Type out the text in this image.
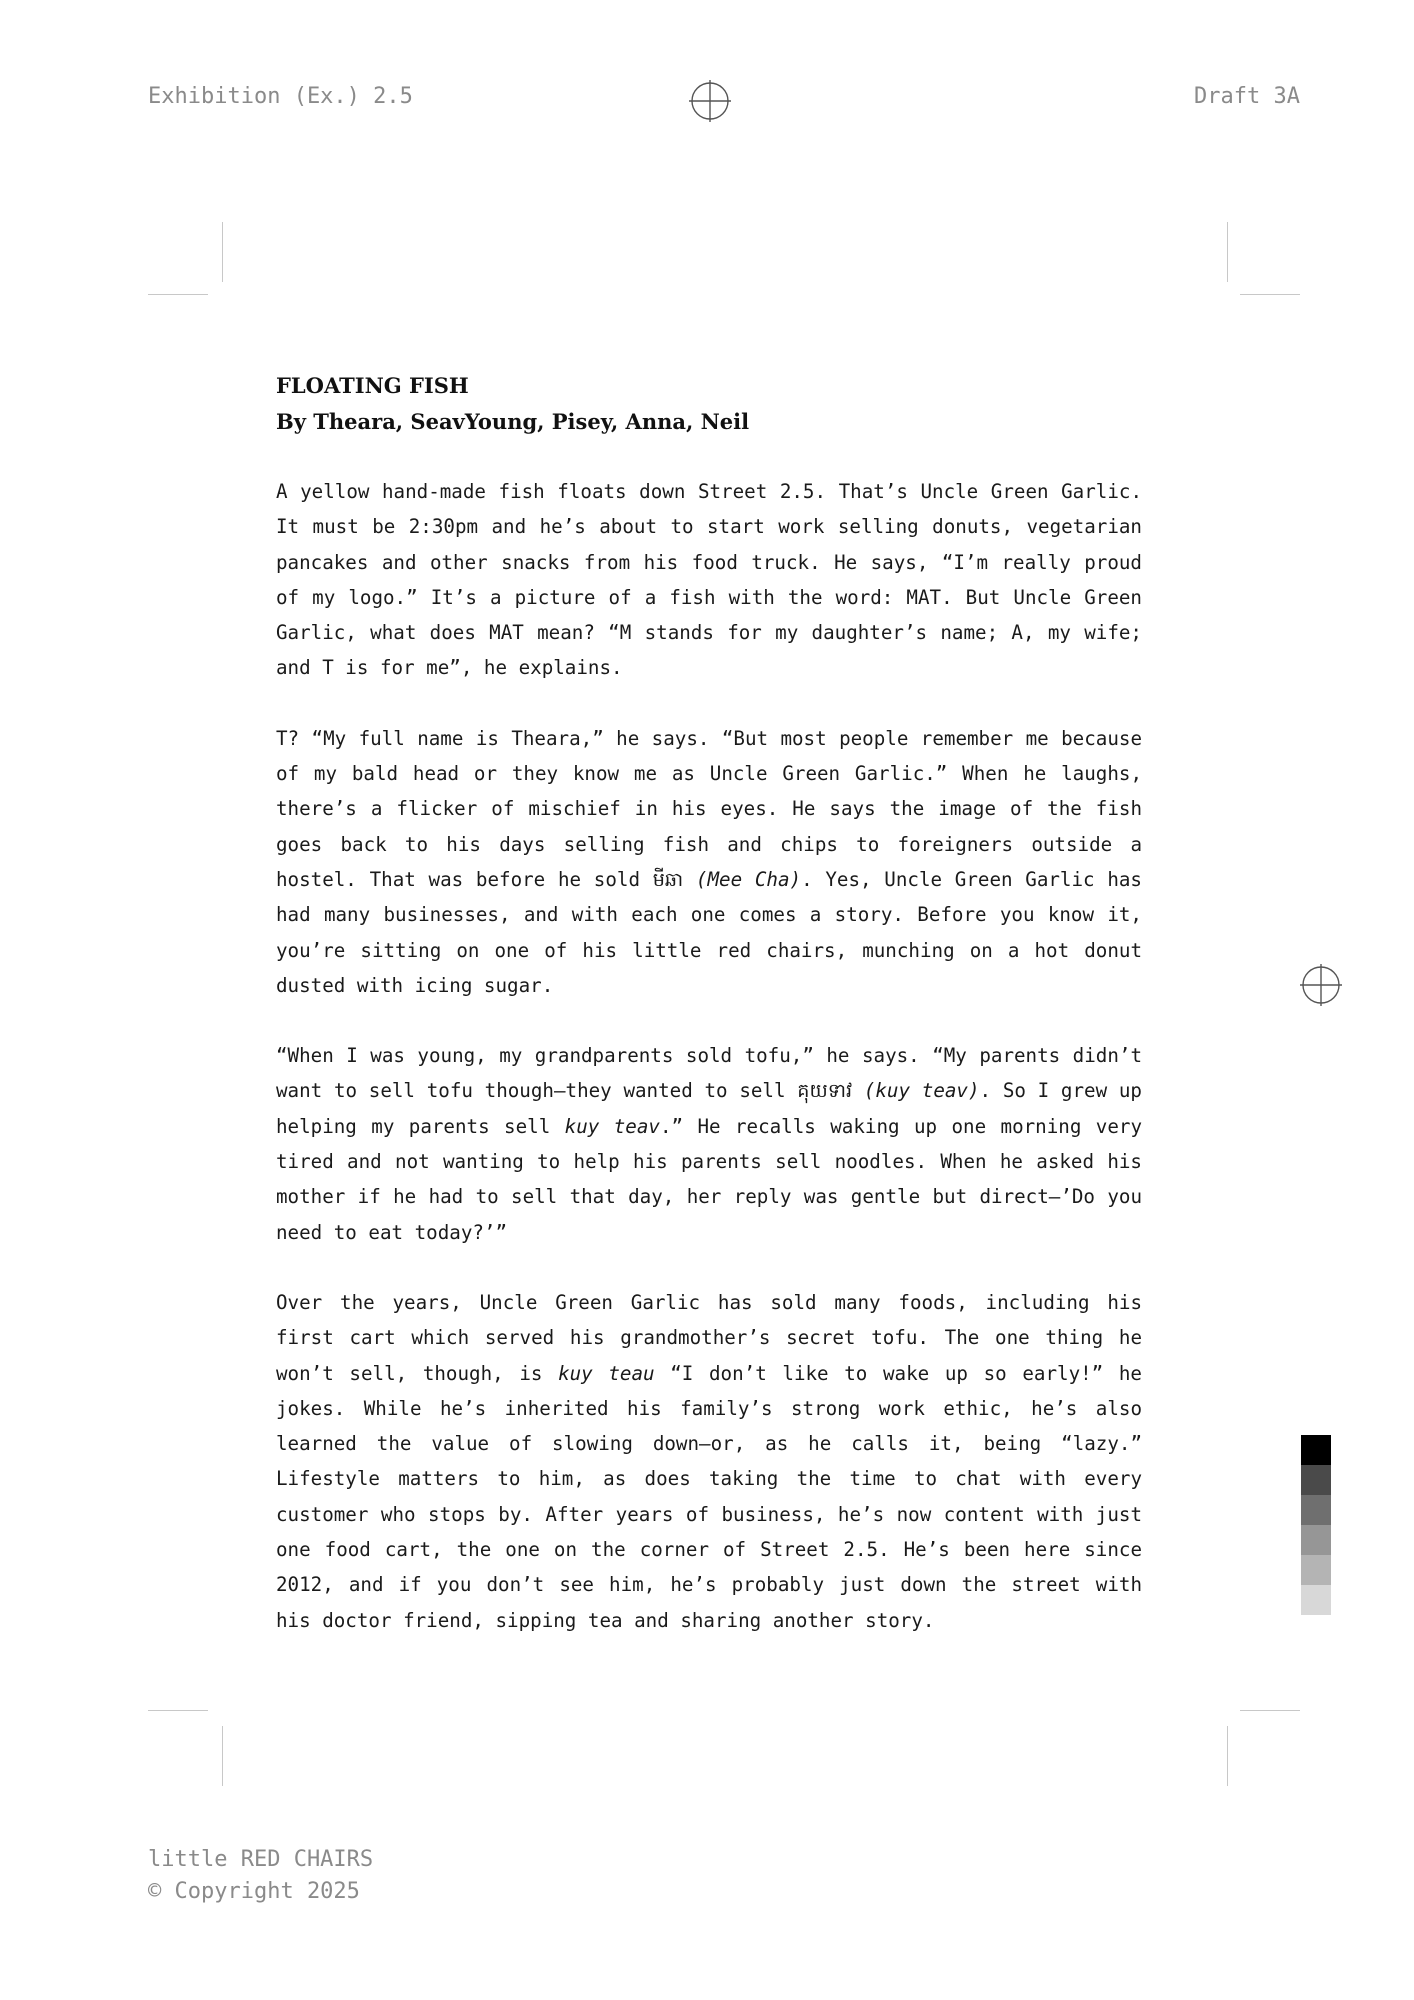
Exhibition (Ex.) 2.5	Draft 3A

FLOATING FISH

By Theara, SeavYoung, Pisey, Anna, Neil

A yellow hand-made fish floats down Street 2.5. That’s Uncle Green Garlic. It must be 2:30pm and he’s about to start work selling donuts, vegetarian pancakes and other snacks from his food truck. He says, “I’m really proud of my logo.” It’s a picture of a fish with the word: MAT. But Uncle Green Garlic, what does MAT mean? “M stands for my daughter’s name; A, my wife; and T is for me”, he explains.

T? “My full name is Theara,” he says. “But most people remember me because of my bald head or they know me as Uncle Green Garlic.” When he laughs, there’s a flicker of mischief in his eyes. He says the image of the fish goes back to his days selling fish and chips to foreigners outside a hostel. That was before he sold មីឆា (Mee Cha). Yes, Uncle Green Garlic has had many businesses, and with each one comes a story. Before you know it, you’re sitting on one of his little red chairs, munching on a hot donut dusted with icing sugar.

“When I was young, my grandparents sold tofu,” he says. “My parents didn’t want to sell tofu though—they wanted to sell គុយទាវ (kuy teav). So I grew up helping my parents sell kuy teav.” He recalls waking up one morning very tired and not wanting to help his parents sell noodles. When he asked his mother if he had to sell that day, her reply was gentle but direct—’Do you need to eat today?’”

Over the years, Uncle Green Garlic has sold many foods, including his first cart which served his grandmother’s secret tofu. The one thing he won’t sell, though, is kuy teau “I don’t like to wake up so early!” he jokes. While he’s inherited his family’s strong work ethic, he’s also learned the value of slowing down—or, as he calls it, being “lazy.” Lifestyle matters to him, as does taking the time to chat with every customer who stops by. After years of business, he’s now content with just one food cart, the one on the corner of Street 2.5. He’s been here since 2012, and if you don’t see him, he’s probably just down the street with his doctor friend, sipping tea and sharing another story.

little RED CHAIRS
© Copyright 2025
